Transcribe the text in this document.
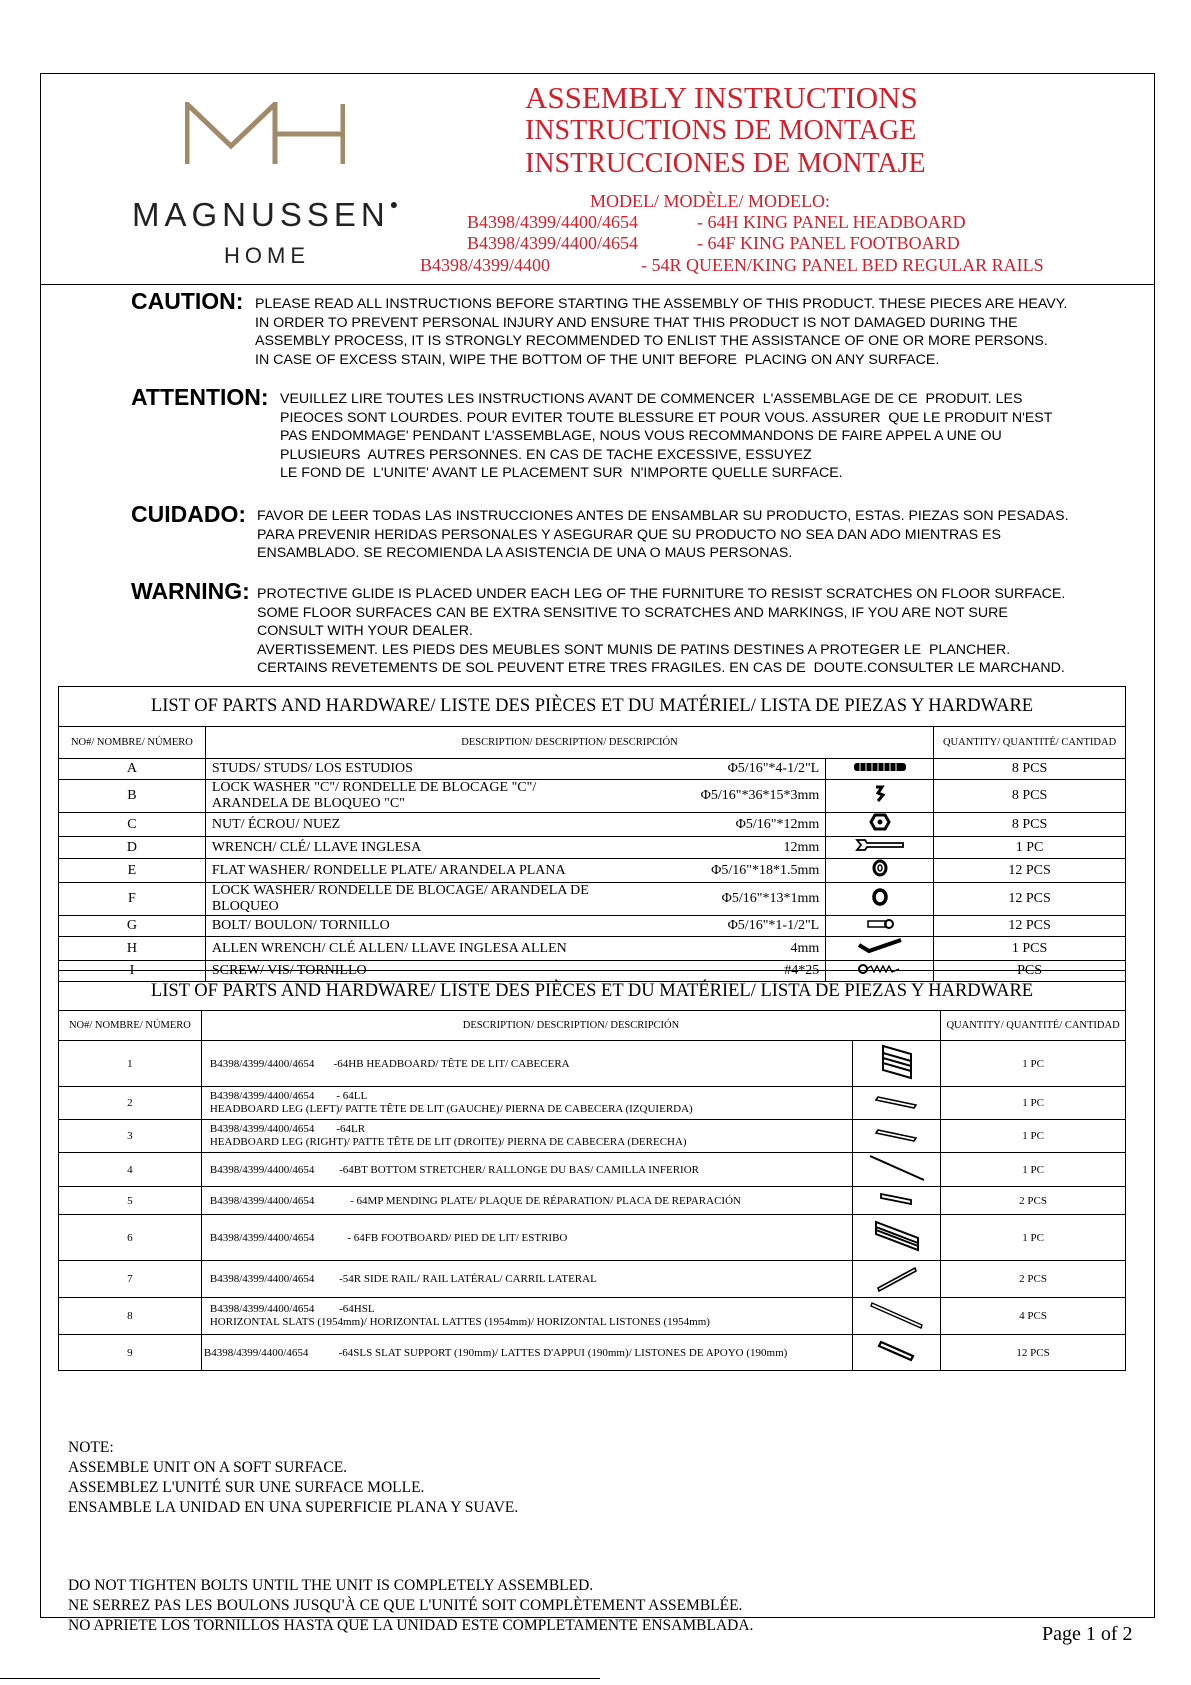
MAGNUSSEN●
HOME
ASSEMBLY INSTRUCTIONS
INSTRUCTIONS DE MONTAGE
INSTRUCCIONES DE MONTAJE
MODEL/ MODÈLE/ MODELO:
B4398/4399/4400/4654	- 64H KING PANEL HEADBOARD
B4398/4399/4400/4654	- 64F KING PANEL FOOTBOARD
B4398/4399/4400	- 54R QUEEN/KING PANEL BED REGULAR RAILS
CAUTION: PLEASE READ ALL INSTRUCTIONS BEFORE STARTING THE ASSEMBLY OF THIS PRODUCT. THESE PIECES ARE HEAVY.
IN ORDER TO PREVENT PERSONAL INJURY AND ENSURE THAT THIS PRODUCT IS NOT DAMAGED DURING THE
ASSEMBLY PROCESS, IT IS STRONGLY RECOMMENDED TO ENLIST THE ASSISTANCE OF ONE OR MORE PERSONS.
IN CASE OF EXCESS STAIN, WIPE THE BOTTOM OF THE UNIT BEFORE  PLACING ON ANY SURFACE.
ATTENTION: VEUILLEZ LIRE TOUTES LES INSTRUCTIONS AVANT DE COMMENCER  L'ASSEMBLAGE DE CE  PRODUIT. LES
PIEOCES SONT LOURDES. POUR EVITER TOUTE BLESSURE ET POUR VOUS. ASSURER  QUE LE PRODUIT N'EST
PAS ENDOMMAGE' PENDANT L'ASSEMBLAGE, NOUS VOUS RECOMMANDONS DE FAIRE APPEL A UNE OU
PLUSIEURS  AUTRES PERSONNES. EN CAS DE TACHE EXCESSIVE, ESSUYEZ
LE FOND DE  L'UNITE' AVANT LE PLACEMENT SUR  N'IMPORTE QUELLE SURFACE.
CUIDADO: FAVOR DE LEER TODAS LAS INSTRUCCIONES ANTES DE ENSAMBLAR SU PRODUCTO, ESTAS. PIEZAS SON PESADAS.
PARA PREVENIR HERIDAS PERSONALES Y ASEGURAR QUE SU PRODUCTO NO SEA DAN ADO MIENTRAS ES
ENSAMBLADO. SE RECOMIENDA LA ASISTENCIA DE UNA O MAUS PERSONAS.
WARNING: PROTECTIVE GLIDE IS PLACED UNDER EACH LEG OF THE FURNITURE TO RESIST SCRATCHES ON FLOOR SURFACE.
SOME FLOOR SURFACES CAN BE EXTRA SENSITIVE TO SCRATCHES AND MARKINGS, IF YOU ARE NOT SURE
CONSULT WITH YOUR DEALER.
AVERTISSEMENT. LES PIEDS DES MEUBLES SONT MUNIS DE PATINS DESTINES A PROTEGER LE  PLANCHER.
CERTAINS REVETEMENTS DE SOL PEUVENT ETRE TRES FRAGILES. EN CAS DE  DOUTE.CONSULTER LE MARCHAND.
LIST OF PARTS AND HARDWARE/ LISTE DES PIÈCES ET DU MATÉRIEL/ LISTA DE PIEZAS Y HARDWARE
NO#/ NOMBRE/ NÚMERO	DESCRIPTION/ DESCRIPTION/ DESCRIPCIÓN			QUANTITY/ QUANTITÉ/ CANTIDAD
A	STUDS/ STUDS/ LOS ESTUDIOS	Φ5/16"*4-1/2"L		8 PCS
B	LOCK WASHER "C"/ RONDELLE DE BLOCAGE "C"/ ARANDELA DE BLOQUEO "C"	Φ5/16"*36*15*3mm		8 PCS
C	NUT/ ÉCROU/ NUEZ	Φ5/16"*12mm		8 PCS
D	WRENCH/ CLÉ/ LLAVE INGLESA	12mm		1 PC
E	FLAT WASHER/ RONDELLE PLATE/ ARANDELA PLANA	Φ5/16"*18*1.5mm		12 PCS
F	LOCK WASHER/ RONDELLE DE BLOCAGE/ ARANDELA DE BLOQUEO	Φ5/16"*13*1mm		12 PCS
G	BOLT/ BOULON/ TORNILLO	Φ5/16"*1-1/2"L		12 PCS
H	ALLEN WRENCH/ CLÉ ALLEN/ LLAVE INGLESA ALLEN	4mm		1 PCS
I	SCREW/ VIS/ TORNILLO	#4*25		PCS
LIST OF PARTS AND HARDWARE/ LISTE DES PIÈCES ET DU MATÉRIEL/ LISTA DE PIEZAS Y HARDWARE
NO#/ NOMBRE/ NÚMERO	DESCRIPTION/ DESCRIPTION/ DESCRIPCIÓN		QUANTITY/ QUANTITÉ/ CANTIDAD
1	B4398/4399/4400/4654 -64HB HEADBOARD/ TÊTE DE LIT/ CABECERA		1 PC
2	B4398/4399/4400/4654 - 64LL
HEADBOARD LEG (LEFT)/ PATTE TÊTE DE LIT (GAUCHE)/ PIERNA DE CABECERA (IZQUIERDA)		1 PC
3	B4398/4399/4400/4654 -64LR
HEADBOARD LEG (RIGHT)/ PATTE TÊTE DE LIT (DROITE)/ PIERNA DE CABECERA (DERECHA)		1 PC
4	B4398/4399/4400/4654 -64BT BOTTOM STRETCHER/ RALLONGE DU BAS/ CAMILLA INFERIOR		1 PC
5	B4398/4399/4400/4654 - 64MP MENDING PLATE/ PLAQUE DE RÉPARATION/ PLACA DE REPARACIÓN		2 PCS
6	B4398/4399/4400/4654 - 64FB FOOTBOARD/ PIED DE LIT/ ESTRIBO		1 PC
7	B4398/4399/4400/4654 -54R SIDE RAIL/ RAIL LATÉRAL/ CARRIL LATERAL		2 PCS
8	B4398/4399/4400/4654 -64HSL
HORIZONTAL SLATS (1954mm)/ HORIZONTAL LATTES (1954mm)/ HORIZONTAL LISTONES (1954mm)		4 PCS
9	B4398/4399/4400/4654 -64SLS SLAT SUPPORT (190mm)/ LATTES D'APPUI (190mm)/ LISTONES DE APOYO (190mm)		12 PCS

NOTE:
ASSEMBLE UNIT ON A SOFT SURFACE.
ASSEMBLEZ L'UNITÉ SUR UNE SURFACE MOLLE.
ENSAMBLE LA UNIDAD EN UNA SUPERFICIE PLANA Y SUAVE.

DO NOT TIGHTEN BOLTS UNTIL THE UNIT IS COMPLETELY ASSEMBLED.
NE SERREZ PAS LES BOULONS JUSQU'À CE QUE L'UNITÉ SOIT COMPLÈTEMENT ASSEMBLÉE.
NO APRIETE LOS TORNILLOS HASTA QUE LA UNIDAD ESTE COMPLETAMENTE ENSAMBLADA.	Page 1 of 2
